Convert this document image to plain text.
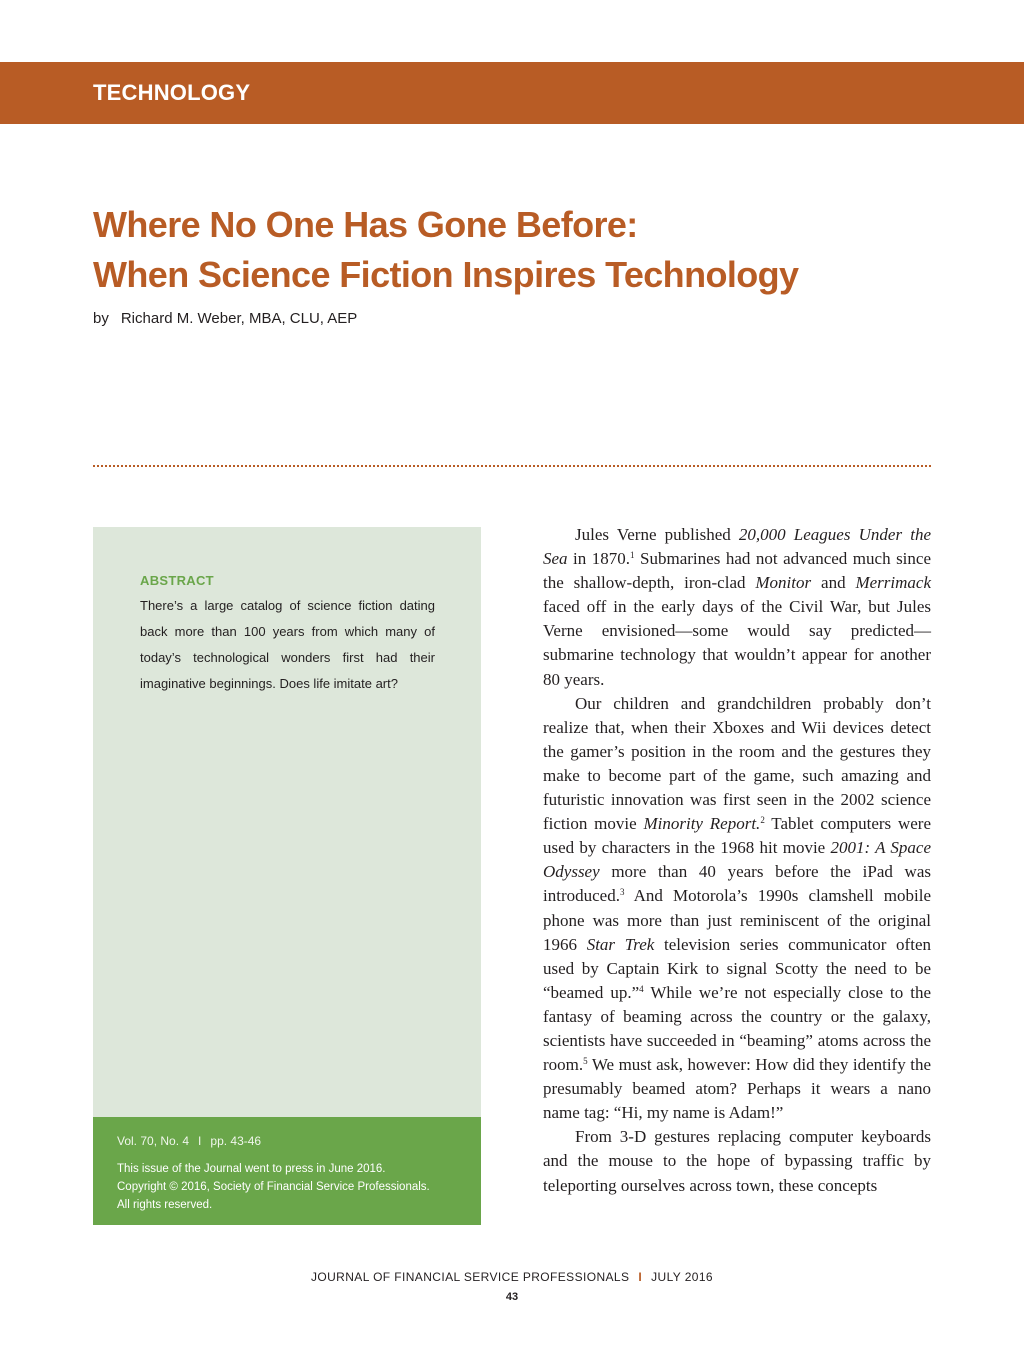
TECHNOLOGY
Where No One Has Gone Before:
When Science Fiction Inspires Technology
by Richard M. Weber, MBA, CLU, AEP
ABSTRACT

There’s a large catalog of science fiction dating back more than 100 years from which many of today’s technological wonders first had their imaginative beginnings. Does life imitate art?

Vol. 70, No. 4 I pp. 43-46

This issue of the Journal went to press in June 2016.
Copyright © 2016, Society of Financial Service Professionals.
All rights reserved.

Jules Verne published 20,000 Leagues Under the Sea in 1870.$^1$ Submarines had not advanced much since the shallow-depth, iron-clad Monitor and Merrimack faced off in the early days of the Civil War, but Jules Verne envisioned—some would say predicted—submarine technology that wouldn’t appear for another 80 years.

Our children and grandchildren probably don’t realize that, when their Xboxes and Wii devices detect the gamer’s position in the room and the gestures they make to become part of the game, such amazing and futuristic innovation was first seen in the 2002 science fiction movie Minority Report.$^2$ Tablet computers were used by characters in the 1968 hit movie 2001: A Space Odyssey more than 40 years before the iPad was introduced.$^3$ And Motorola’s 1990s clamshell mobile phone was more than just reminiscent of the original 1966 Star Trek television series communicator often used by Captain Kirk to signal Scotty the need to be “beamed up.”$^4$ While we’re not especially close to the fantasy of beaming across the country or the galaxy, scientists have succeeded in “beaming” atoms across the room.$^5$ We must ask, however: How did they identify the presumably beamed atom? Perhaps it wears a nano name tag: “Hi, my name is Adam!”

From 3-D gestures replacing computer keyboards and the mouse to the hope of bypassing traffic by teleporting ourselves across town, these concepts

JOURNAL OF FINANCIAL SERVICE PROFESSIONALS I JULY 2016
43
